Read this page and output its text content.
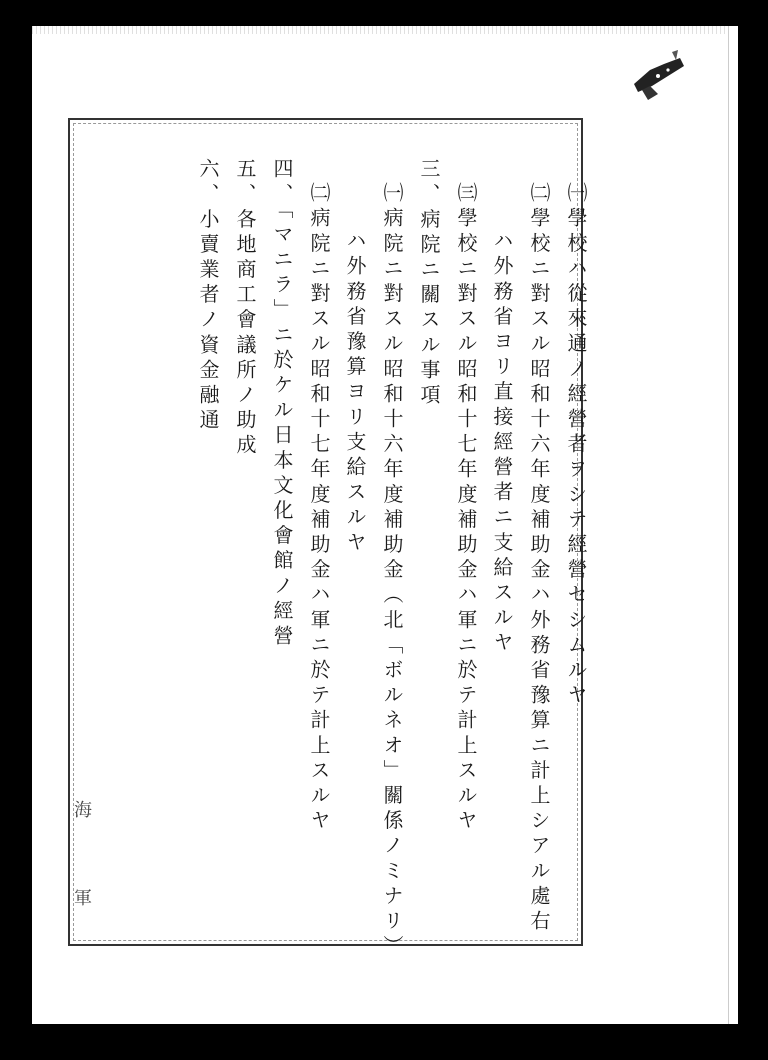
㈠學校ハ從來通ノ經營者ヲシテ經營セシムルヤ
㈡學校ニ對スル昭和十六年度補助金ハ外務省豫算ニ計上シアル處右
ハ外務省ヨリ直接經營者ニ支給スルヤ
㈢學校ニ對スル昭和十七年度補助金ハ軍ニ於テ計上スルヤ
三、病院ニ關スル事項
㈠病院ニ對スル昭和十六年度補助金（北「ボルネオ」關係ノミナリ）
ハ外務省豫算ヨリ支給スルヤ
㈡病院ニ對スル昭和十七年度補助金ハ軍ニ於テ計上スルヤ
四、「マニラ」ニ於ケル日本文化會館ノ經營
五、各地商工會議所ノ助成
六、小賣業者ノ資金融通
海
軍
